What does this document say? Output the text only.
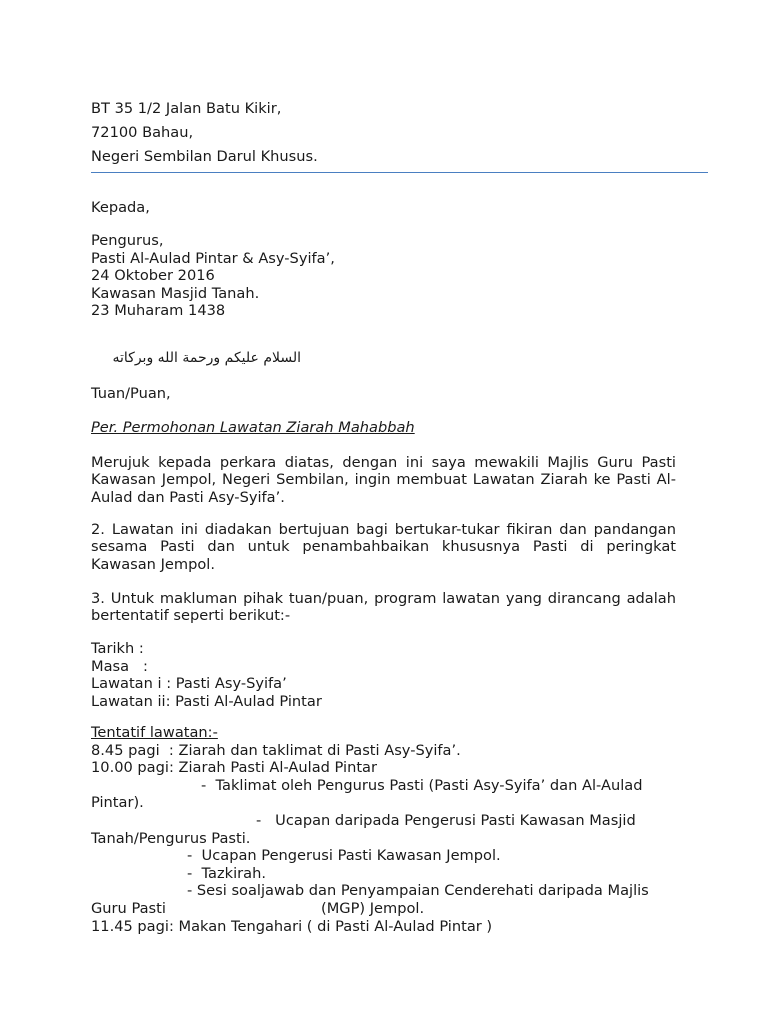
BT 35 1/2 Jalan Batu Kikir,
72100 Bahau,
Negeri Sembilan Darul Khusus.
Kepada,
Pengurus,
Pasti Al-Aulad Pintar & Asy-Syifa’,
24 Oktober 2016
Kawasan Masjid Tanah.
23 Muharam 1438
السلام عليكم ورحمة الله وبركاته
Tuan/Puan,
Per. Permohonan Lawatan Ziarah Mahabbah
Merujuk kepada perkara diatas, dengan ini saya mewakili Majlis Guru Pasti Kawasan Jempol, Negeri Sembilan, ingin membuat Lawatan Ziarah ke Pasti Al-Aulad dan Pasti Asy-Syifa’.
2. Lawatan ini diadakan bertujuan bagi bertukar-tukar fikiran dan pandangan sesama Pasti dan untuk penambahbaikan khususnya Pasti di peringkat Kawasan Jempol.
3. Untuk makluman pihak tuan/puan, program lawatan yang dirancang adalah bertentatif seperti berikut:-
Tarikh :
Masa   :
Lawatan i : Pasti Asy-Syifa’
Lawatan ii: Pasti Al-Aulad Pintar
Tentatif lawatan:-
8.45 pagi  : Ziarah dan taklimat di Pasti Asy-Syifa’.
10.00 pagi: Ziarah Pasti Al-Aulad Pintar
-  Taklimat oleh Pengurus Pasti (Pasti Asy-Syifa’ dan Al-Aulad
Pintar).
-   Ucapan daripada Pengerusi Pasti Kawasan Masjid
Tanah/Pengurus Pasti.
-  Ucapan Pengerusi Pasti Kawasan Jempol.
-  Tazkirah.
- Sesi soaljawab dan Penyampaian Cenderehati daripada Majlis
Guru Pasti	(MGP) Jempol.
11.45 pagi: Makan Tengahari ( di Pasti Al-Aulad Pintar )
